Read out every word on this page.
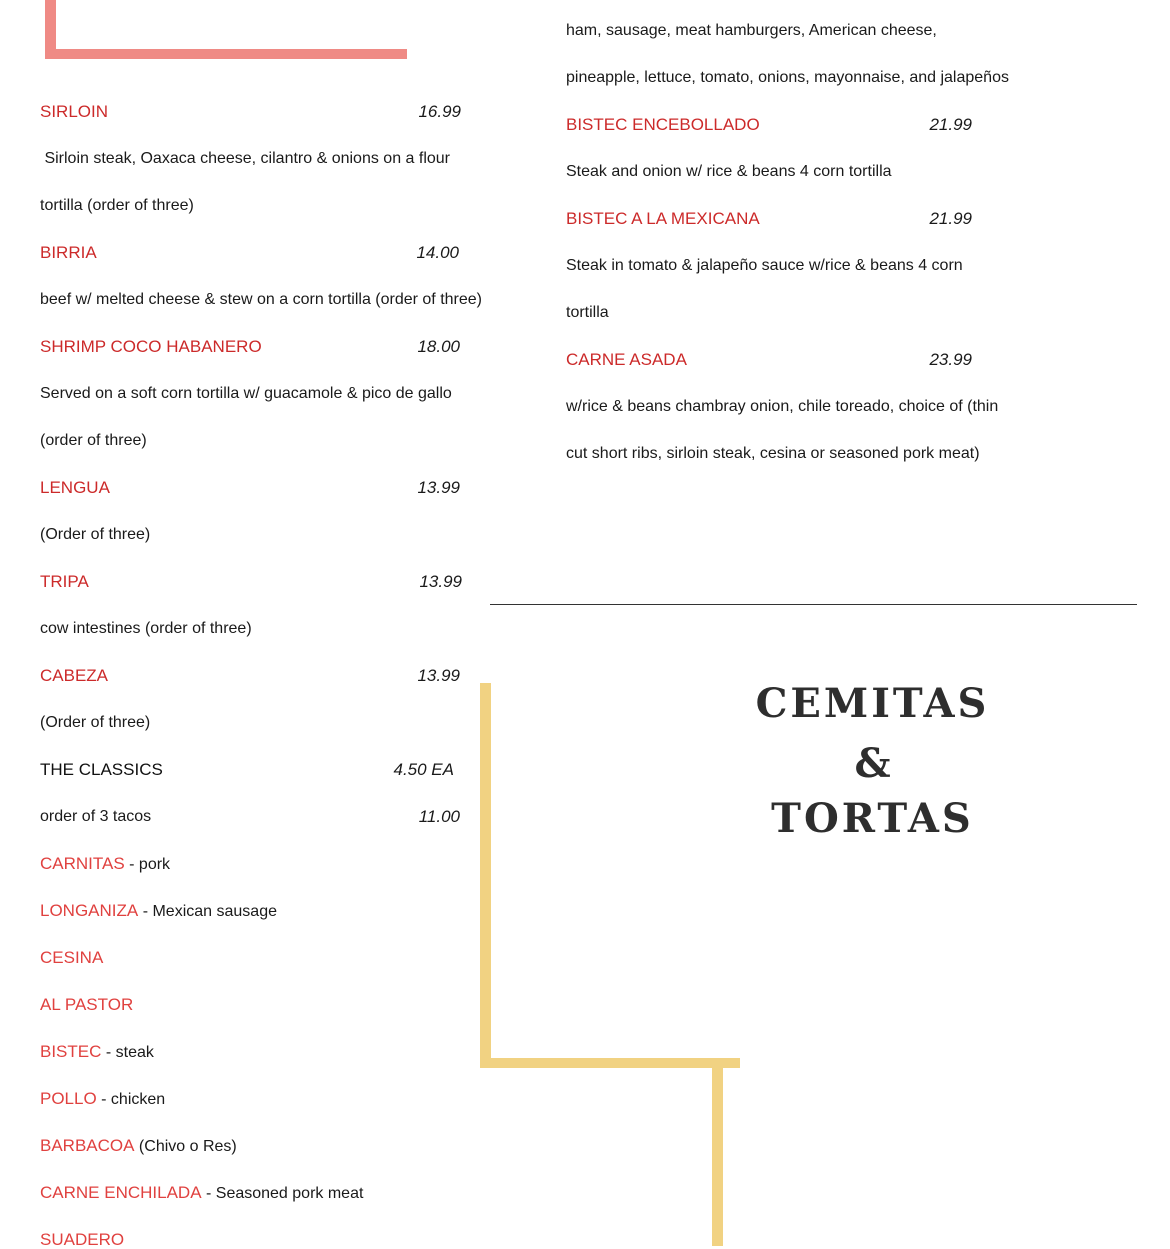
SIRLOIN	16.99
Sirloin steak, Oaxaca cheese, cilantro & onions on a flour
tortilla (order of three)
BIRRIA	14.00
beef w/ melted cheese & stew on a corn tortilla (order of three)
SHRIMP COCO HABANERO	18.00
Served on a soft corn tortilla w/ guacamole & pico de gallo
(order of three)
LENGUA	13.99
(Order of three)
TRIPA	13.99
cow intestines (order of three)
CABEZA	13.99
(Order of three)
THE CLASSICS	4.50 EA
order of 3 tacos	11.00
CARNITAS - pork
LONGANIZA - Mexican sausage
CESINA
AL PASTOR
BISTEC - steak
POLLO - chicken
BARBACOA (Chivo o Res)
CARNE ENCHILADA - Seasoned pork meat
SUADERO
ham, sausage, meat hamburgers, American cheese,
pineapple, lettuce, tomato, onions, mayonnaise, and jalapeños
BISTEC ENCEBOLLADO	21.99
Steak and onion w/ rice & beans 4 corn tortilla
BISTEC A LA MEXICANA	21.99
Steak in tomato & jalapeño sauce w/rice & beans 4 corn
tortilla
CARNE ASADA	23.99
w/rice & beans chambray onion, chile toreado, choice of (thin
cut short ribs, sirloin steak, cesina or seasoned pork meat)
CEMITAS
&
TORTAS
